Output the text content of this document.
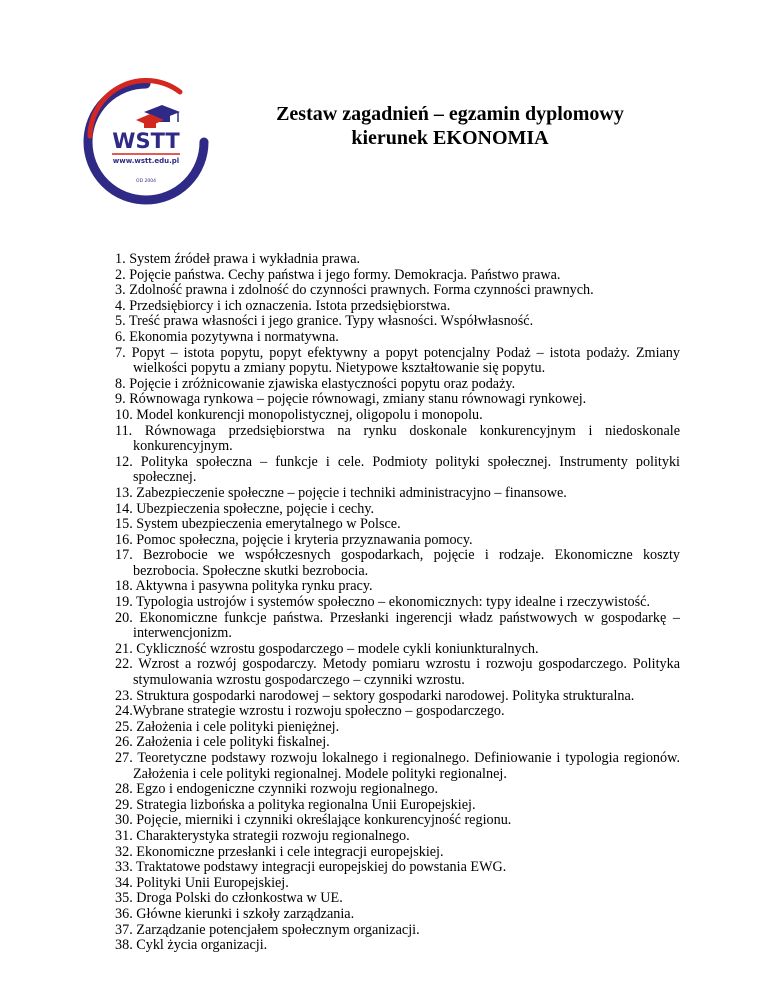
WSTT
www.wstt.edu.pl
OD 2004
Zestaw zagadnień – egzamin dyplomowy
kierunek EKONOMIA
1. System źródeł prawa i wykładnia prawa.
2. Pojęcie państwa. Cechy państwa i jego formy. Demokracja. Państwo prawa.
3. Zdolność prawna i zdolność do czynności prawnych. Forma czynności prawnych.
4. Przedsiębiorcy i ich oznaczenia. Istota przedsiębiorstwa.
5. Treść prawa własności i jego granice. Typy własności. Współwłasność.
6. Ekonomia pozytywna i normatywna.
7. Popyt – istota popytu, popyt efektywny a popyt potencjalny Podaż – istota podaży. Zmiany wielkości popytu a zmiany popytu. Nietypowe kształtowanie się popytu.
8. Pojęcie i zróżnicowanie zjawiska elastyczności popytu oraz podaży.
9. Równowaga rynkowa – pojęcie równowagi, zmiany stanu równowagi rynkowej.
10. Model konkurencji monopolistycznej, oligopolu i monopolu.
11. Równowaga przedsiębiorstwa na rynku doskonale konkurencyjnym i niedoskonale konkurencyjnym.
12. Polityka społeczna – funkcje i cele. Podmioty polityki społecznej. Instrumenty polityki społecznej.
13. Zabezpieczenie społeczne – pojęcie i techniki administracyjno – finansowe.
14. Ubezpieczenia społeczne, pojęcie i cechy.
15. System ubezpieczenia emerytalnego w Polsce.
16. Pomoc społeczna, pojęcie i kryteria przyznawania pomocy.
17. Bezrobocie we współczesnych gospodarkach, pojęcie i rodzaje. Ekonomiczne koszty bezrobocia. Społeczne skutki bezrobocia.
18. Aktywna i pasywna polityka rynku pracy.
19. Typologia ustrojów i systemów społeczno – ekonomicznych: typy idealne i rzeczywistość.
20. Ekonomiczne funkcje państwa. Przesłanki ingerencji władz państwowych w gospodarkę – interwencjonizm.
21. Cykliczność wzrostu gospodarczego – modele cykli koniunkturalnych.
22. Wzrost a rozwój gospodarczy. Metody pomiaru wzrostu i rozwoju gospodarczego. Polityka stymulowania wzrostu gospodarczego – czynniki wzrostu.
23. Struktura gospodarki narodowej – sektory gospodarki narodowej. Polityka strukturalna.
24.Wybrane strategie wzrostu i rozwoju społeczno – gospodarczego.
25. Założenia i cele polityki pieniężnej.
26. Założenia i cele polityki fiskalnej.
27. Teoretyczne podstawy rozwoju lokalnego i regionalnego. Definiowanie i typologia regionów. Założenia i cele polityki regionalnej. Modele polityki regionalnej.
28. Egzo i endogeniczne czynniki rozwoju regionalnego.
29. Strategia lizbońska a polityka regionalna Unii Europejskiej.
30. Pojęcie, mierniki i czynniki określające konkurencyjność regionu.
31. Charakterystyka strategii rozwoju regionalnego.
32. Ekonomiczne przesłanki i cele integracji europejskiej.
33. Traktatowe podstawy integracji europejskiej do powstania EWG.
34. Polityki Unii Europejskiej.
35. Droga Polski do członkostwa w UE.
36. Główne kierunki i szkoły zarządzania.
37. Zarządzanie potencjałem społecznym organizacji.
38. Cykl życia organizacji.
